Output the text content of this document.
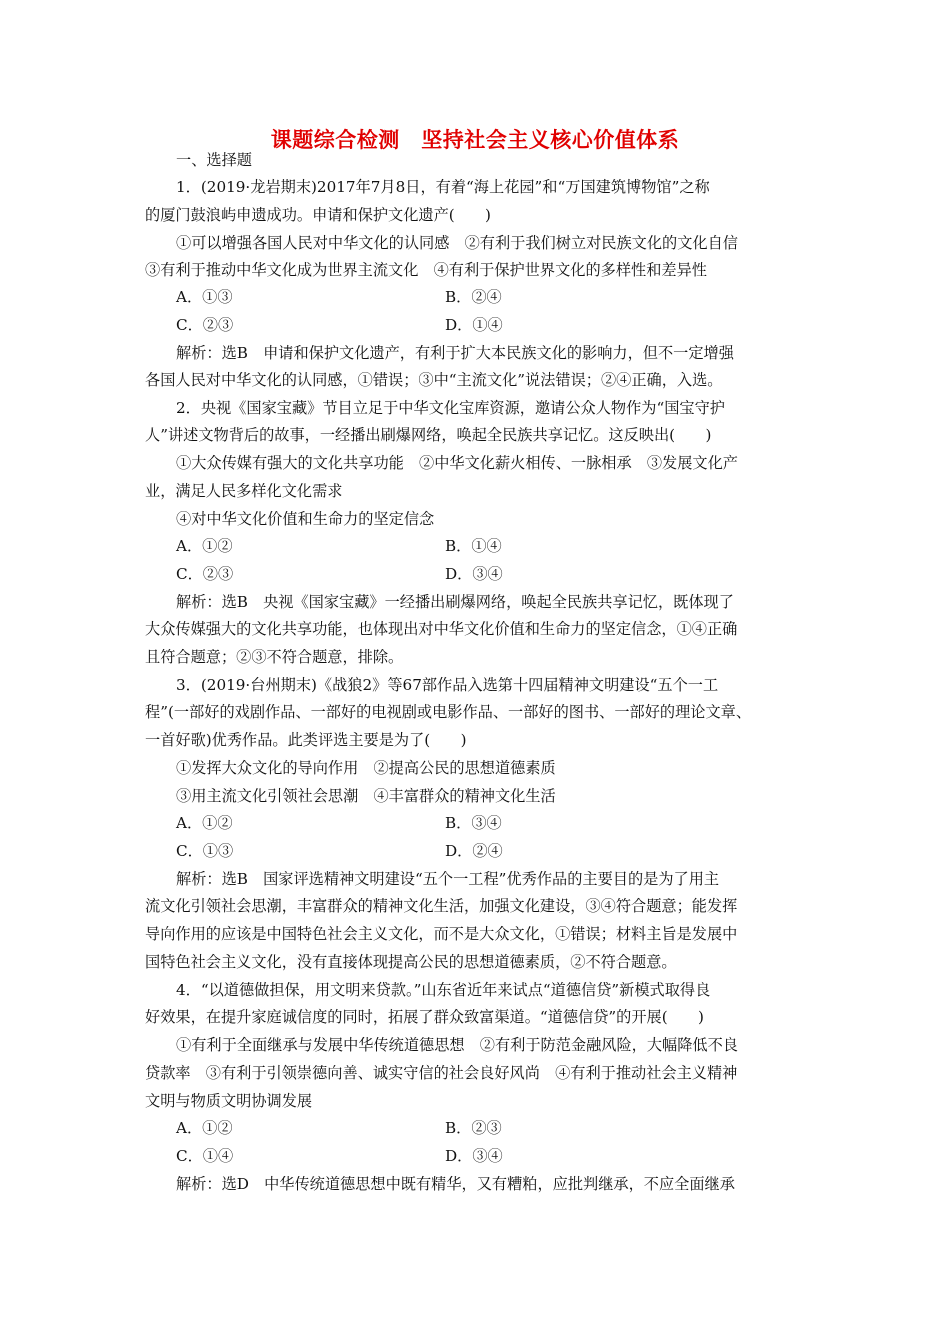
课题综合检测　坚持社会主义核心价值体系
一、选择题
1．(2019·龙岩期末)2017年7月8日，有着“海上花园”和“万国建筑博物馆”之称
的厦门鼓浪屿申遗成功。申请和保护文化遗产(　　)
①可以增强各国人民对中华文化的认同感　②有利于我们树立对民族文化的文化自信
③有利于推动中华文化成为世界主流文化　④有利于保护世界文化的多样性和差异性
A．①③	B．②④
C．②③	D．①④
解析：选B　申请和保护文化遗产，有利于扩大本民族文化的影响力，但不一定增强
各国人民对中华文化的认同感，①错误；③中“主流文化”说法错误；②④正确，入选。
2．央视《国家宝藏》节目立足于中华文化宝库资源，邀请公众人物作为“国宝守护
人”讲述文物背后的故事，一经播出刷爆网络，唤起全民族共享记忆。这反映出(　　)
①大众传媒有强大的文化共享功能　②中华文化薪火相传、一脉相承　③发展文化产
业，满足人民多样化文化需求
④对中华文化价值和生命力的坚定信念
A．①②	B．①④
C．②③	D．③④
解析：选B　央视《国家宝藏》一经播出刷爆网络，唤起全民族共享记忆，既体现了
大众传媒强大的文化共享功能，也体现出对中华文化价值和生命力的坚定信念，①④正确
且符合题意；②③不符合题意，排除。
3．(2019·台州期末)《战狼2》等67部作品入选第十四届精神文明建设“五个一工
程”(一部好的戏剧作品、一部好的电视剧或电影作品、一部好的图书、一部好的理论文章、
一首好歌)优秀作品。此类评选主要是为了(　　)
①发挥大众文化的导向作用　②提高公民的思想道德素质
③用主流文化引领社会思潮　④丰富群众的精神文化生活
A．①②	B．③④
C．①③	D．②④
解析：选B　国家评选精神文明建设“五个一工程”优秀作品的主要目的是为了用主
流文化引领社会思潮，丰富群众的精神文化生活，加强文化建设，③④符合题意；能发挥
导向作用的应该是中国特色社会主义文化，而不是大众文化，①错误；材料主旨是发展中
国特色社会主义文化，没有直接体现提高公民的思想道德素质，②不符合题意。
4．“以道德做担保，用文明来贷款。”山东省近年来试点“道德信贷”新模式取得良
好效果，在提升家庭诚信度的同时，拓展了群众致富渠道。“道德信贷”的开展(　　)
①有利于全面继承与发展中华传统道德思想　②有利于防范金融风险，大幅降低不良
贷款率　③有利于引领崇德向善、诚实守信的社会良好风尚　④有利于推动社会主义精神
文明与物质文明协调发展
A．①②	B．②③
C．①④	D．③④
解析：选D　中华传统道德思想中既有精华，又有糟粕，应批判继承，不应全面继承
